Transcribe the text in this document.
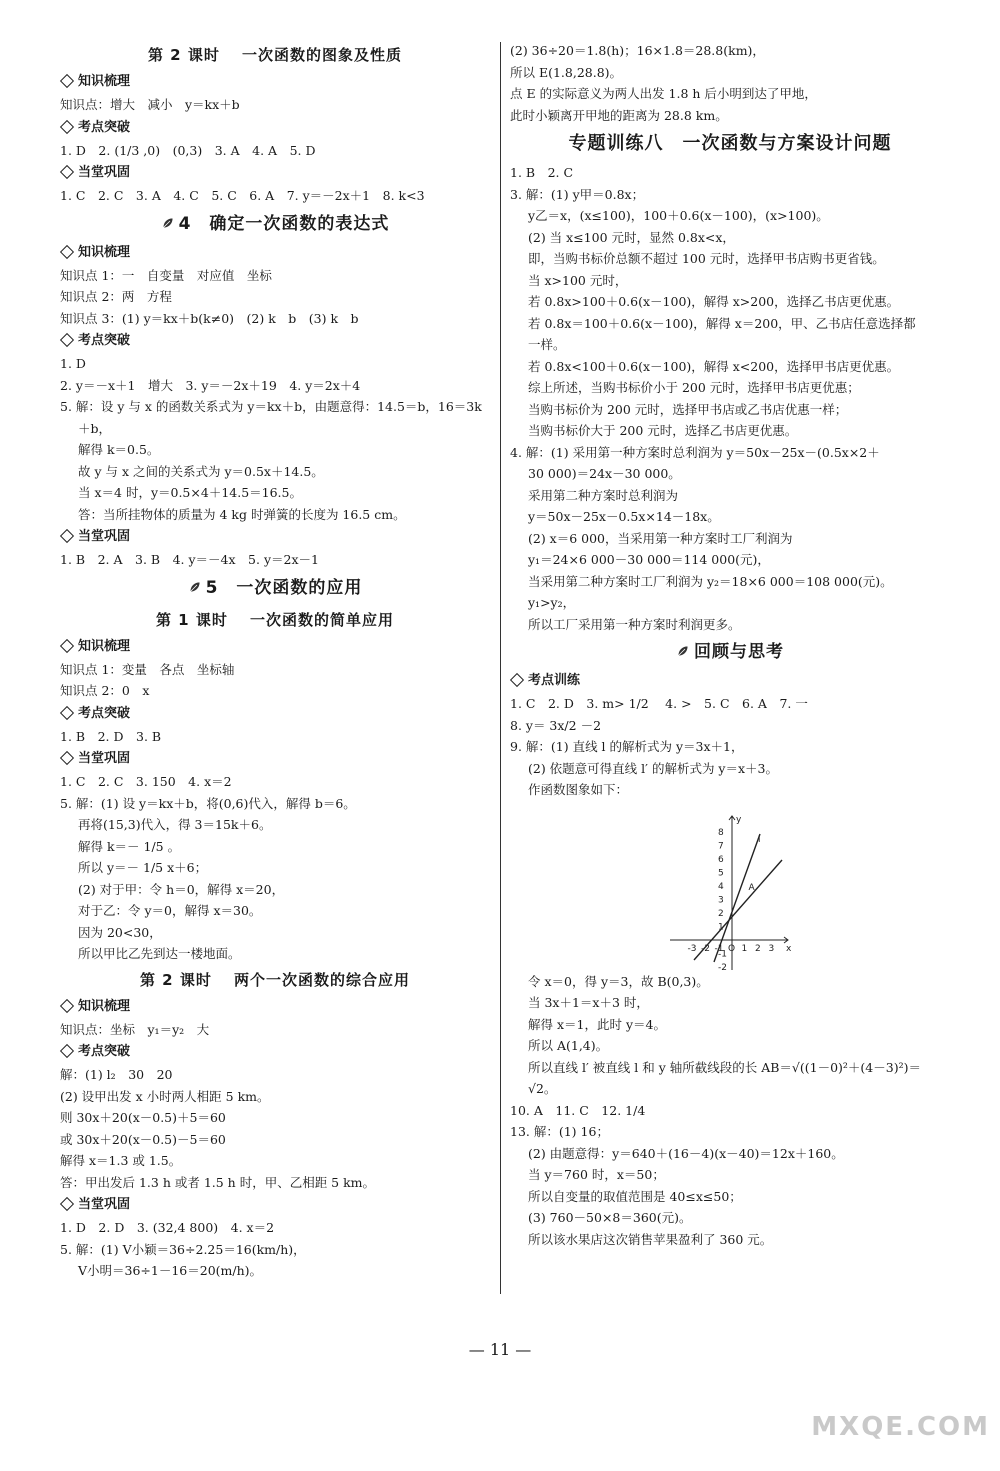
第 2 课时　 一次函数的图象及性质
知识梳理
知识点：增大　减小　y＝kx＋b
考点突破
1. D　2. (1/3 ,0)　(0,3)　3. A　4. A　5. D
当堂巩固
1. C　2. C　3. A　4. C　5. C　6. A　7. y＝－2x＋1　8. k<3
4　确定一次函数的表达式
知识梳理
知识点 1：一　自变量　对应值　坐标
知识点 2：两　方程
知识点 3：(1) y＝kx＋b(k≠0)　(2) k　b　(3) k　b
考点突破
1. D
2. y＝－x＋1　增大　3. y＝－2x＋19　4. y＝2x＋4
5. 解：设 y 与 x 的函数关系式为 y＝kx＋b，由题意得：14.5＝b，16＝3k
＋b，
解得 k＝0.5。
故 y 与 x 之间的关系式为 y＝0.5x＋14.5。
当 x＝4 时，y＝0.5×4＋14.5＝16.5。
答：当所挂物体的质量为 4 kg 时弹簧的长度为 16.5 cm。
当堂巩固
1. B　2. A　3. B　4. y＝－4x　5. y＝2x－1
5　一次函数的应用
第 1 课时　 一次函数的简单应用
知识梳理
知识点 1：变量　各点　坐标轴
知识点 2：0　x
考点突破
1. B　2. D　3. B
当堂巩固
1. C　2. C　3. 150　4. x＝2
5. 解：(1) 设 y＝kx＋b，将(0,6)代入，解得 b＝6。
再将(15,3)代入，得 3＝15k＋6。
解得 k＝－ 1/5 。
所以 y＝－ 1/5 x＋6；
(2) 对于甲：令 h＝0，解得 x＝20，
对于乙：令 y＝0，解得 x＝30。
因为 20<30，
所以甲比乙先到达一楼地面。
第 2 课时　 两个一次函数的综合应用
知识梳理
知识点：坐标　y₁＝y₂　大
考点突破
解：(1) l₂　30　20
(2) 设甲出发 x 小时两人相距 5 km。
则 30x＋20(x－0.5)＋5＝60
或 30x＋20(x－0.5)－5＝60
解得 x＝1.3 或 1.5。
答：甲出发后 1.3 h 或者 1.5 h 时，甲、乙相距 5 km。
当堂巩固
1. D　2. D　3. (32,4 800)　4. x＝2
5. 解：(1) V小颖＝36÷2.25＝16(km/h)，
V小明＝36÷1－16＝20(m/h)。
(2) 36÷20＝1.8(h)；16×1.8＝28.8(km)，
所以 E(1.8,28.8)。
点 E 的实际意义为两人出发 1.8 h 后小明到达了甲地，
此时小颖离开甲地的距离为 28.8 km。
专题训练八　一次函数与方案设计问题
1. B　2. C
3. 解：(1) y甲＝0.8x；
y乙＝x，(x≤100)，100＋0.6(x－100)，(x>100)。
(2) 当 x≤100 元时，显然 0.8x<x，
即，当购书标价总额不超过 100 元时，选择甲书店购书更省钱。
当 x>100 元时，
若 0.8x>100＋0.6(x－100)，解得 x>200，选择乙书店更优惠。
若 0.8x＝100＋0.6(x－100)，解得 x＝200，甲、乙书店任意选择都
一样。
若 0.8x<100＋0.6(x－100)，解得 x<200，选择甲书店更优惠。
综上所述，当购书标价小于 200 元时，选择甲书店更优惠；
当购书标价为 200 元时，选择甲书店或乙书店优惠一样；
当购书标价大于 200 元时，选择乙书店更优惠。
4. 解：(1) 采用第一种方案时总利润为 y＝50x－25x－(0.5x×2＋
30 000)＝24x－30 000。
采用第二种方案时总利润为
y＝50x－25x－0.5x×14－18x。
(2) x＝6 000，当采用第一种方案时工厂利润为
y₁＝24×6 000－30 000＝114 000(元)，
当采用第二种方案时工厂利润为 y₂＝18×6 000＝108 000(元)。
y₁>y₂，
所以工厂采用第一种方案时利润更多。
回顾与思考
考点训练
1. C　2. D　3. m> 1/2 　4. >　5. C　6. A　7. 一
8. y＝ 3x/2 －2
9. 解：(1) 直线 l 的解析式为 y＝3x＋1，
(2) 依题意可得直线 l′ 的解析式为 y＝x＋3。
作函数图象如下：
令 x＝0，得 y＝3，故 B(0,3)。
当 3x＋1＝x＋3 时，
解得 x＝1，此时 y＝4。
所以 A(1,4)。
所以直线 l′ 被直线 l 和 y 轴所截线段的长 AB＝√((1－0)²＋(4－3)²)＝
√2。
10. A　11. C　12. 1/4
13. 解：(1) 16；
(2) 由题意得：y＝640＋(16－4)(x－40)＝12x＋160。
当 y＝760 时，x＝50；
所以自变量的取值范围是 40≤x≤50；
(3) 760－50×8＝360(元)。
所以该水果店这次销售苹果盈利了 360 元。
-3 -2 -1 O 1 2 3
8
7
6
5
4
3
2
1
-1
-2
x
y
l
A
— 11 —
MXQE.COM
